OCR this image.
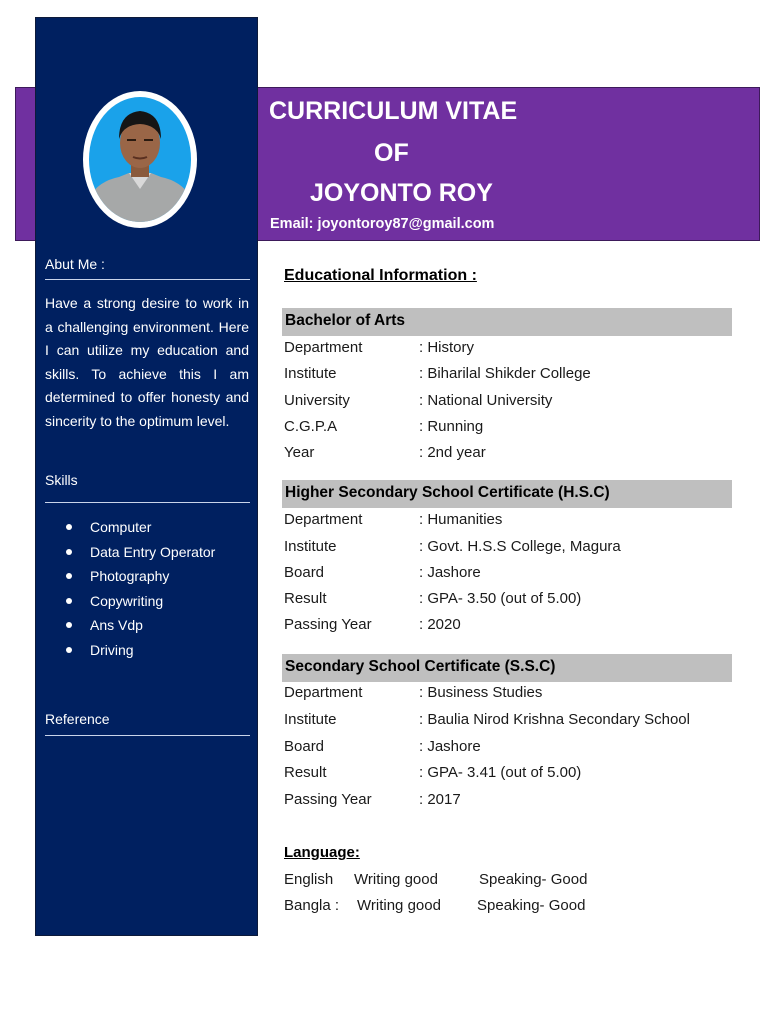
CURRICULUM VITAE
OF
JOYONTO ROY
Email: joyontoroy87@gmail.com
Abut Me :
Have a strong desire to work in a challenging environment. Here I can utilize my education and skills. To achieve this I am determined to offer honesty and sincerity to the optimum level.
Skills
Computer
Data Entry Operator
Photography
Copywriting
Ans Vdp
Driving
Reference
Educational Information :
Bachelor of Arts
Department	: History
Institute	: Biharilal Shikder College
University	: National University
C.G.P.A	: Running
Year	: 2nd year
Higher Secondary School Certificate (H.S.C)
Department	: Humanities
Institute	: Govt. H.S.S College, Magura
Board	: Jashore
Result	: GPA- 3.50 (out of 5.00)
Passing Year	: 2020
Secondary School Certificate (S.S.C)
Department	: Business Studies
Institute	: Baulia Nirod Krishna Secondary School
Board	: Jashore
Result	: GPA- 3.41 (out of 5.00)
Passing Year	: 2017
Language:
English Writing good	Speaking- Good
Bangla : Writing good Speaking- Good
